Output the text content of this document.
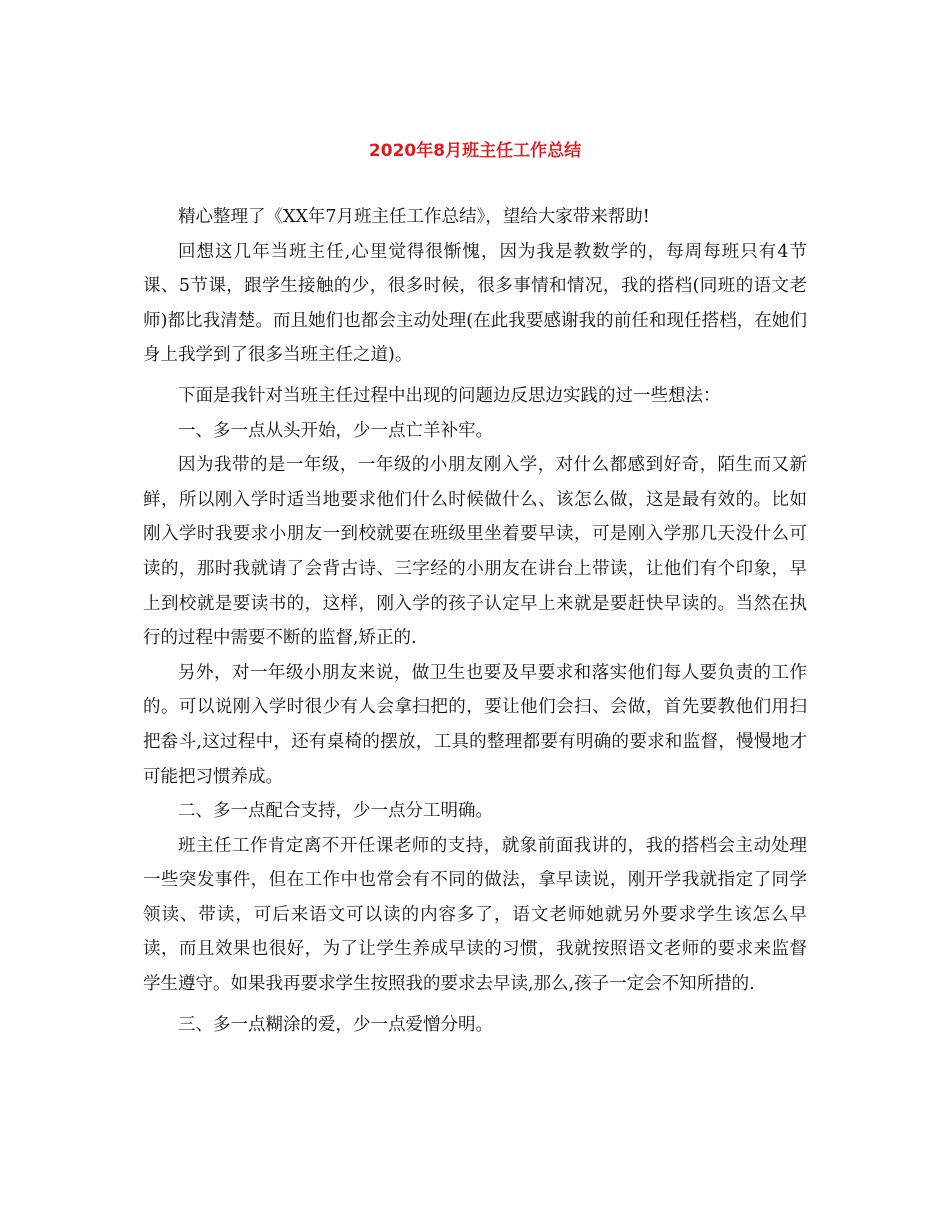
2020年8月班主任工作总结

精心整理了《XX年7月班主任工作总结》，望给大家带来帮助!

回想这几年当班主任,心里觉得很惭愧，因为我是教数学的，每周每班只有4节课、5节课，跟学生接触的少，很多时候，很多事情和情况，我的搭档(同班的语文老师)都比我清楚。而且她们也都会主动处理(在此我要感谢我的前任和现任搭档，在她们身上我学到了很多当班主任之道)。

下面是我针对当班主任过程中出现的问题边反思边实践的过一些想法：

一、多一点从头开始，少一点亡羊补牢。

因为我带的是一年级，一年级的小朋友刚入学，对什么都感到好奇，陌生而又新鲜，所以刚入学时适当地要求他们什么时候做什么、该怎么做，这是最有效的。比如刚入学时我要求小朋友一到校就要在班级里坐着要早读，可是刚入学那几天没什么可读的，那时我就请了会背古诗、三字经的小朋友在讲台上带读，让他们有个印象，早上到校就是要读书的，这样，刚入学的孩子认定早上来就是要赶快早读的。当然在执行的过程中需要不断的监督,矫正的.

另外，对一年级小朋友来说，做卫生也要及早要求和落实他们每人要负责的工作的。可以说刚入学时很少有人会拿扫把的，要让他们会扫、会做，首先要教他们用扫把畚斗,这过程中，还有桌椅的摆放，工具的整理都要有明确的要求和监督，慢慢地才可能把习惯养成。

二、多一点配合支持，少一点分工明确。

班主任工作肯定离不开任课老师的支持，就象前面我讲的，我的搭档会主动处理一些突发事件，但在工作中也常会有不同的做法，拿早读说，刚开学我就指定了同学领读、带读，可后来语文可以读的内容多了，语文老师她就另外要求学生该怎么早读，而且效果也很好，为了让学生养成早读的习惯，我就按照语文老师的要求来监督学生遵守。如果我再要求学生按照我的要求去早读,那么,孩子一定会不知所措的.

三、多一点糊涂的爱，少一点爱憎分明。
